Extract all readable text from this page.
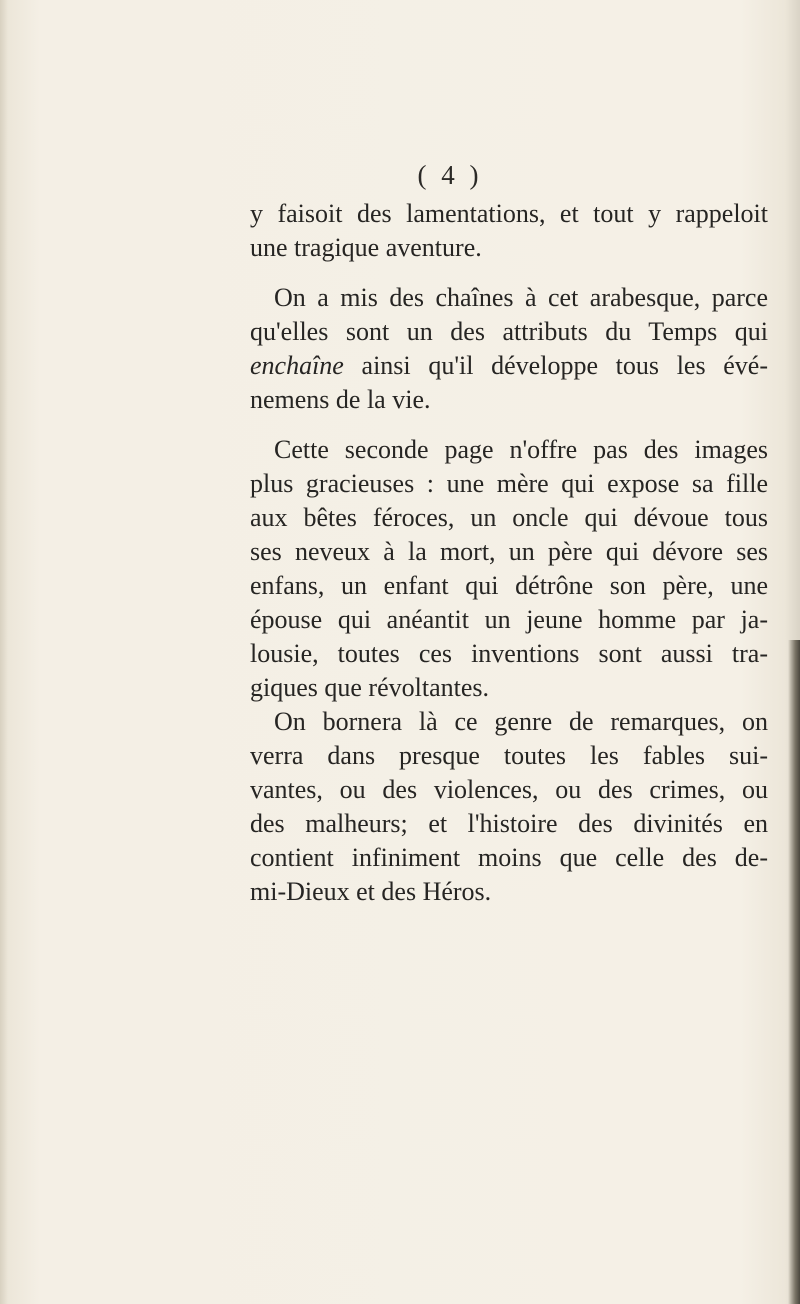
( 4 )
y faisoit des lamentations, et tout y rappeloit
une tragique aventure.
On a mis des chaînes à cet arabesque, parce
qu'elles sont un des attributs du Temps qui
enchaîne ainsi qu'il développe tous les évé-
nemens de la vie.
Cette seconde page n'offre pas des images
plus gracieuses : une mère qui expose sa fille
aux bêtes féroces, un oncle qui dévoue tous
ses neveux à la mort, un père qui dévore ses
enfans, un enfant qui détrône son père, une
épouse qui anéantit un jeune homme par ja-
lousie, toutes ces inventions sont aussi tra-
giques que révoltantes.
On bornera là ce genre de remarques, on
verra dans presque toutes les fables sui-
vantes, ou des violences, ou des crimes, ou
des malheurs; et l'histoire des divinités en
contient infiniment moins que celle des de-
mi-Dieux et des Héros.
